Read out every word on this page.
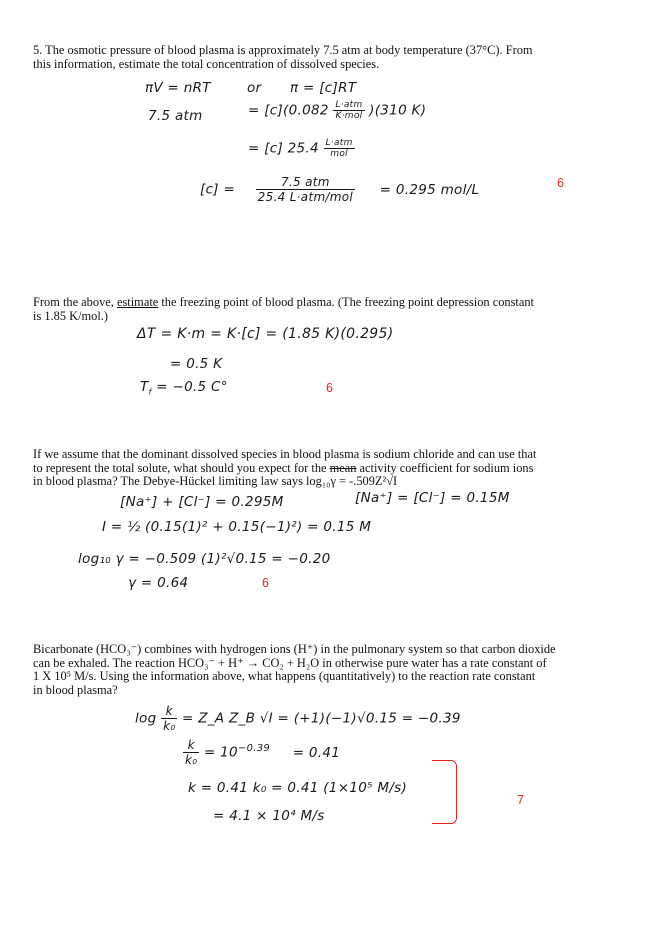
5. The osmotic pressure of blood plasma is approximately 7.5 atm at body temperature (37°C). From

this information, estimate the total concentration of dissolved species.

πV = nRT	or π = [c]RT
7.5 atm	= $[c](0.082 \frac{\text{L·atm}}{\text{K·mol}} )(310$ K)
= [c] $25.4 \frac{\text{L·atm}}{\text{mol}}$
$[c] = \frac{\text{7.5 atm}}{\text{25.4 L·atm/mol}} = 0.295$ mol/L	6

From the above, estimate the freezing point of blood plasma. (The freezing point depression constant

is 1.85 K/mol.)

ΔT = K·m = K·[c] = (1.85 K)(0.295)
= 0.5 K
$T_f = -0.5$ C°	6

If we assume that the dominant dissolved species in blood plasma is sodium chloride and can use that

to represent the total solute, what should you expect for the mean activity coefficient for sodium ions

in blood plasma? The Debye-Hückel limiting law says log₁₀γ = -.509Z²√I

[Na⁺] + [Cl⁻] = 0.295M	[Na⁺] = [Cl⁻] = 0.15M
I = ½ (0.15(1)² + 0.15(−1)²) = 0.15 M
log₁₀ γ = −0.509 (1)²√0.15 = −0.20
γ = 0.64	6

Bicarbonate (HCO₃⁻) combines with hydrogen ions (H⁺) in the pulmonary system so that carbon dioxide

can be exhaled. The reaction HCO₃⁻ + H⁺ → CO₂ + H₂O in otherwise pure water has a rate constant of

1 X 10⁵ M/s. Using the information above, what happens (quantitatively) to the reaction rate constant

in blood plasma?

$\log \frac{k}{\text{k₀}}$ = Z_A Z_B √I = (+1)(−1)√0.15 = −0.39
$\frac{k}{\text{k₀}} = 10^{-0.39} = 0.41$
k = 0.41 k₀ = 0.41 (1×10⁵ M/s)
= 4.1 × 10⁴ M/s
7
